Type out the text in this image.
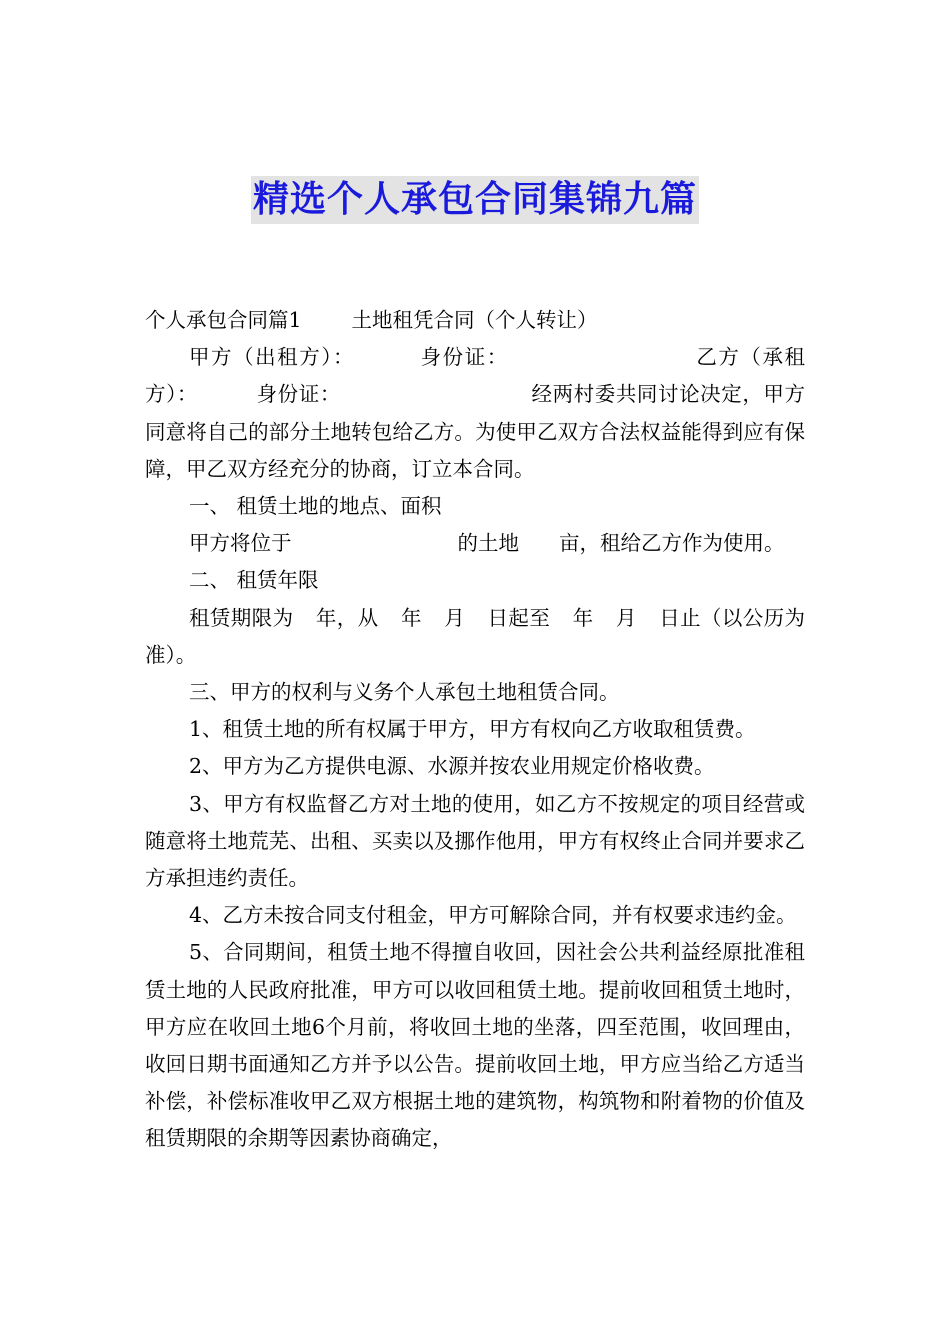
精选个人承包合同集锦九篇

个人承包合同篇1 土地租凭合同（个人转让）

甲方（出租方）：	身份证：	乙方（承租方）：	身份证：	经两村委共同讨论决定，甲方同意将自己的部分土地转包给乙方。为使甲乙双方合法权益能得到应有保障，甲乙双方经充分的协商，订立本合同。

一、 租赁土地的地点、面积

甲方将位于	的土地 亩，租给乙方作为使用。

二、 租赁年限

租赁期限为 年，从 年 月 日起至 年 月 日止（以公历为准）。

三、甲方的权利与义务个人承包土地租赁合同。

1、租赁土地的所有权属于甲方，甲方有权向乙方收取租赁费。

2、甲方为乙方提供电源、水源并按农业用规定价格收费。

3、甲方有权监督乙方对土地的使用，如乙方不按规定的项目经营或随意将土地荒芜、出租、买卖以及挪作他用，甲方有权终止合同并要求乙方承担违约责任。

4、乙方未按合同支付租金，甲方可解除合同，并有权要求违约金。

5、合同期间，租赁土地不得擅自收回，因社会公共利益经原批准租赁土地的人民政府批准，甲方可以收回租赁土地。提前收回租赁土地时，甲方应在收回土地6个月前，将收回土地的坐落，四至范围，收回理由，收回日期书面通知乙方并予以公告。提前收回土地，甲方应当给乙方适当补偿，补偿标准收甲乙双方根据土地的建筑物，构筑物和附着物的价值及租赁期限的余期等因素协商确定，
